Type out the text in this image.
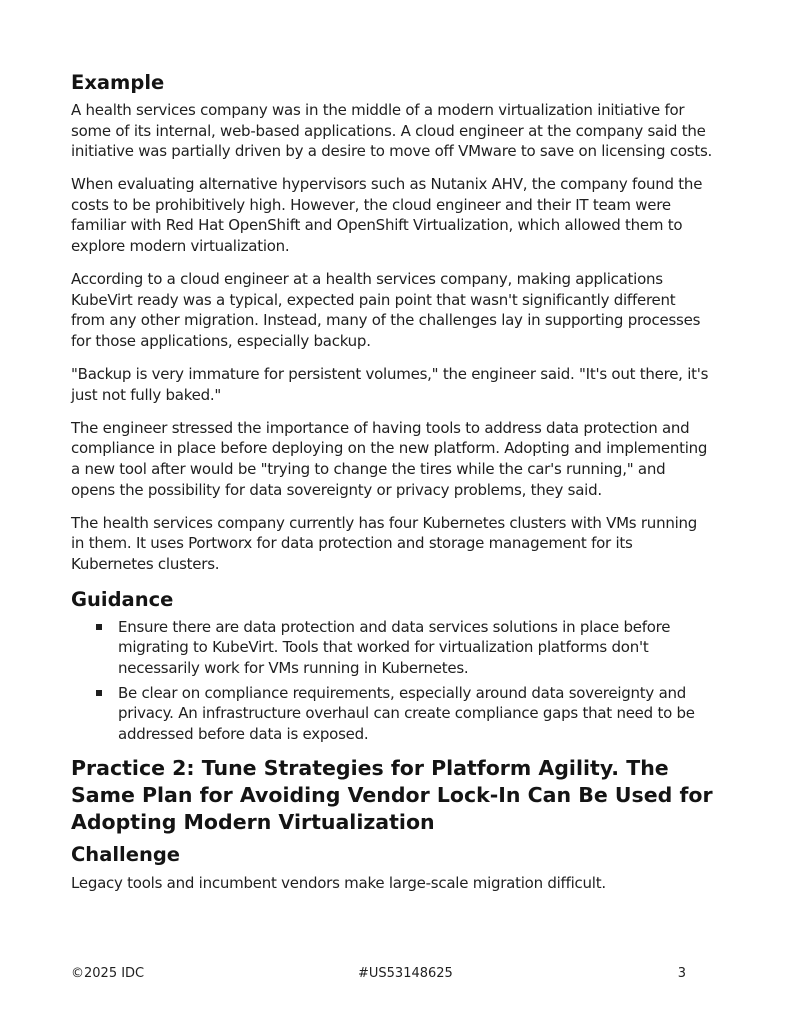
Example

A health services company was in the middle of a modern virtualization initiative for some of its internal, web-based applications. A cloud engineer at the company said the initiative was partially driven by a desire to move off VMware to save on licensing costs.

When evaluating alternative hypervisors such as Nutanix AHV, the company found the costs to be prohibitively high. However, the cloud engineer and their IT team were familiar with Red Hat OpenShift and OpenShift Virtualization, which allowed them to explore modern virtualization.

According to a cloud engineer at a health services company, making applications KubeVirt ready was a typical, expected pain point that wasn't significantly different from any other migration. Instead, many of the challenges lay in supporting processes for those applications, especially backup.

"Backup is very immature for persistent volumes," the engineer said. "It's out there, it's just not fully baked."

The engineer stressed the importance of having tools to address data protection and compliance in place before deploying on the new platform. Adopting and implementing a new tool after would be "trying to change the tires while the car's running," and opens the possibility for data sovereignty or privacy problems, they said.

The health services company currently has four Kubernetes clusters with VMs running in them. It uses Portworx for data protection and storage management for its Kubernetes clusters.

Guidance
Ensure there are data protection and data services solutions in place before migrating to KubeVirt. Tools that worked for virtualization platforms don't necessarily work for VMs running in Kubernetes.
Be clear on compliance requirements, especially around data sovereignty and privacy. An infrastructure overhaul can create compliance gaps that need to be addressed before data is exposed.
Practice 2: Tune Strategies for Platform Agility. The Same Plan for Avoiding Vendor Lock-In Can Be Used for Adopting Modern Virtualization
Challenge

Legacy tools and incumbent vendors make large-scale migration difficult.

©2025 IDC	#US53148625	3
